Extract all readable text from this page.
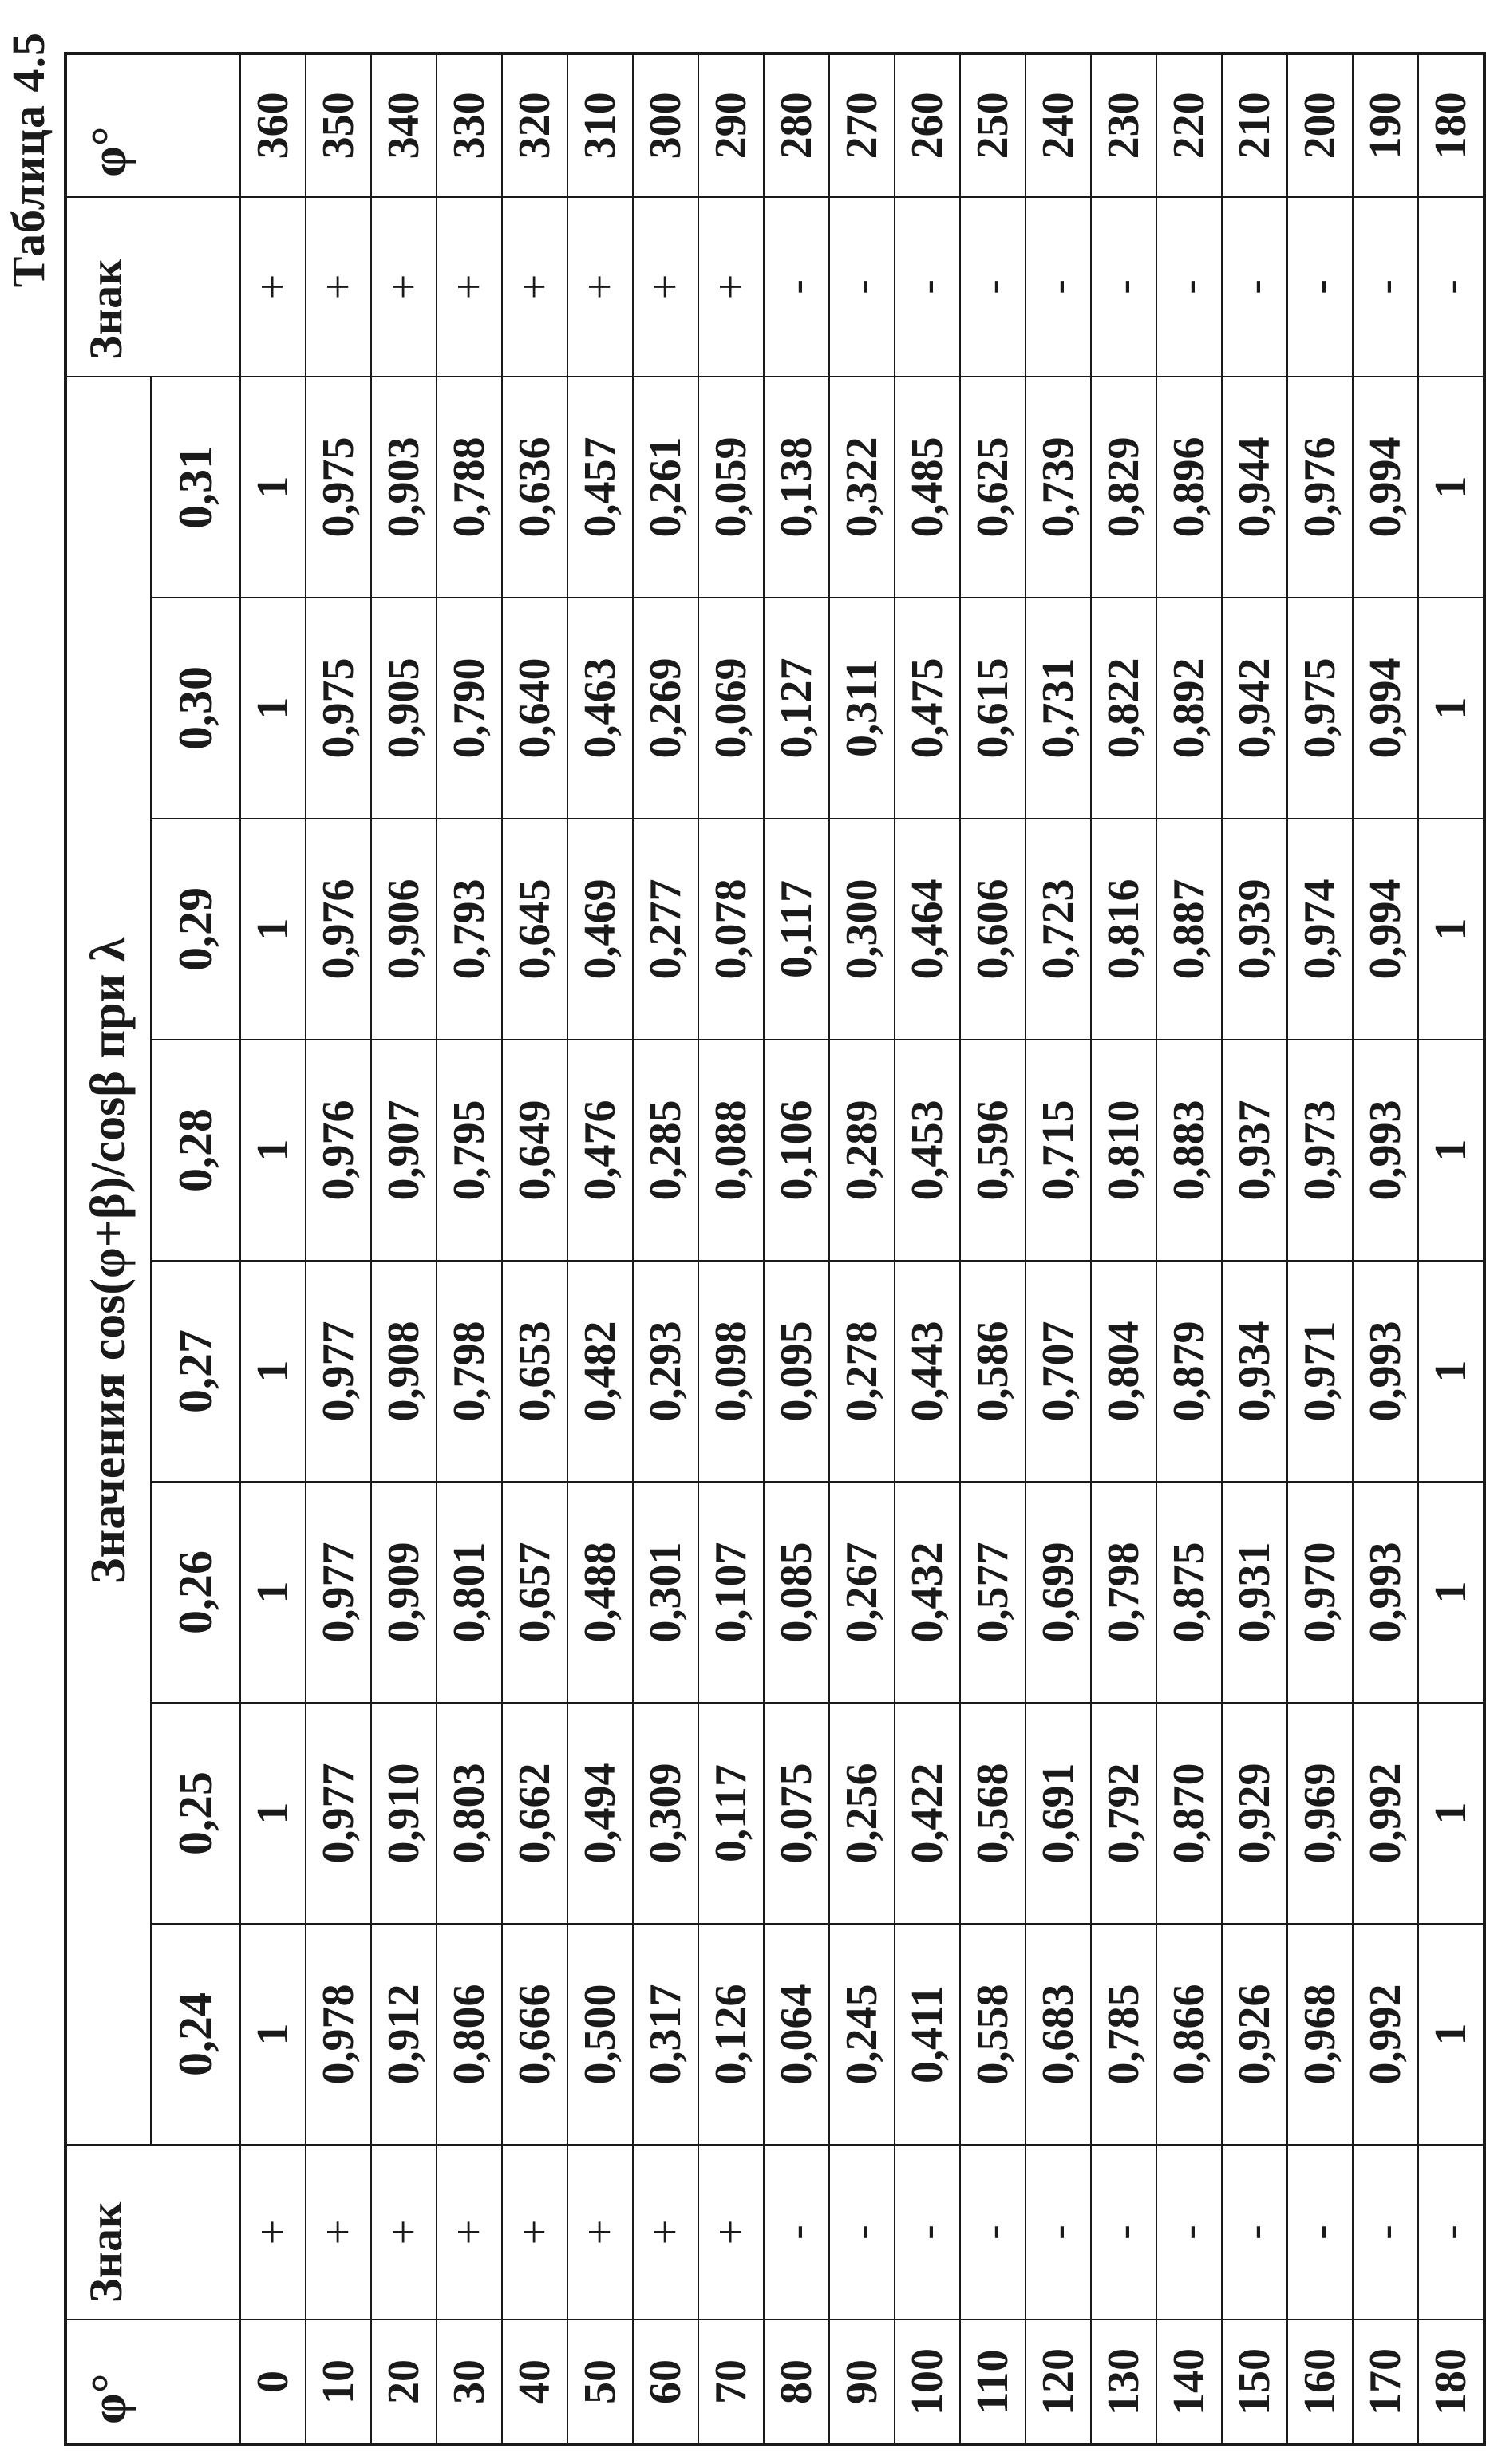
Таблица 4.5
φ°	Знак	Значения cos(φ+β)/cosβ при λ								Знак	φ°
		0,24	0,25	0,26	0,27	0,28	0,29	0,30	0,31		
0	+	1	1	1	1	1	1	1	1	+	360
10	+	0,978	0,977	0,977	0,977	0,976	0,976	0,975	0,975	+	350
20	+	0,912	0,910	0,909	0,908	0,907	0,906	0,905	0,903	+	340
30	+	0,806	0,803	0,801	0,798	0,795	0,793	0,790	0,788	+	330
40	+	0,666	0,662	0,657	0,653	0,649	0,645	0,640	0,636	+	320
50	+	0,500	0,494	0,488	0,482	0,476	0,469	0,463	0,457	+	310
60	+	0,317	0,309	0,301	0,293	0,285	0,277	0,269	0,261	+	300
70	+	0,126	0,117	0,107	0,098	0,088	0,078	0,069	0,059	+	290
80	-	0,064	0,075	0,085	0,095	0,106	0,117	0,127	0,138	-	280
90	-	0,245	0,256	0,267	0,278	0,289	0,300	0,311	0,322	-	270
100	-	0,411	0,422	0,432	0,443	0,453	0,464	0,475	0,485	-	260
110	-	0,558	0,568	0,577	0,586	0,596	0,606	0,615	0,625	-	250
120	-	0,683	0,691	0,699	0,707	0,715	0,723	0,731	0,739	-	240
130	-	0,785	0,792	0,798	0,804	0,810	0,816	0,822	0,829	-	230
140	-	0,866	0,870	0,875	0,879	0,883	0,887	0,892	0,896	-	220
150	-	0,926	0,929	0,931	0,934	0,937	0,939	0,942	0,944	-	210
160	-	0,968	0,969	0,970	0,971	0,973	0,974	0,975	0,976	-	200
170	-	0,992	0,992	0,993	0,993	0,993	0,994	0,994	0,994	-	190
180	-	1	1	1	1	1	1	1	1	-	180
